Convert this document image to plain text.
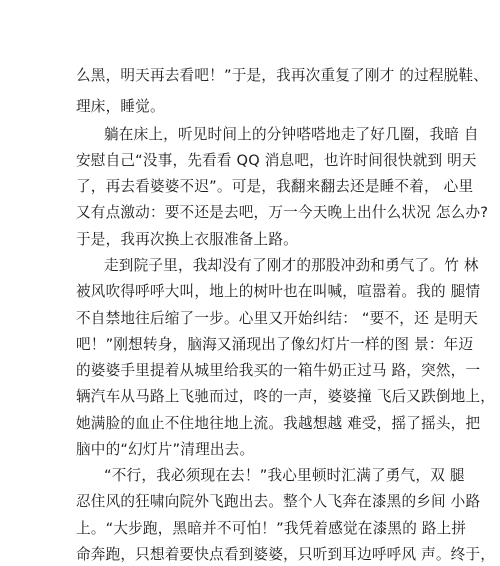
么黑，明天再去看吧！”于是，我再次重复了刚才 的过程脱鞋、
理床，睡觉。
躺在床上，听见时间上的分钟嗒嗒地走了好几圈，我暗 自
安慰自己“没事，先看看 QQ 消息吧，也许时间很快就到 明天
了，再去看婆婆不迟”。可是，我翻来翻去还是睡不着， 心里
又有点激动：要不还是去吧，万一今天晚上出什么状况 怎么办?
于是，我再次换上衣服准备上路。
走到院子里，我却没有了刚才的那股冲劲和勇气了。竹 林
被风吹得呼呼大叫，地上的树叶也在叫喊，喧嚣着。我的 腿情
不自禁地往后缩了一步。心里又开始纠结： “要不，还 是明天
吧！”刚想转身，脑海又涌现出了像幻灯片一样的图 景：年迈
的婆婆手里提着从城里给我买的一箱牛奶正过马 路，突然，一
辆汽车从马路上飞驰而过，咚的一声，婆婆撞 飞后又跌倒地上，
她满脸的血止不住地往地上流。我越想越 难受，摇了摇头，把
脑中的“幻灯片”清理出去。
“不行，我必须现在去！”我心里顿时汇满了勇气，双 腿
忍住风的狂啸向院外飞跑出去。整个人飞奔在漆黑的乡间 小路
上。“大步跑，黑暗并不可怕！”我凭着感觉在漆黑的 路上拼
命奔跑，只想着要快点看到婆婆，只听到耳边呼呼风 声。终于，
